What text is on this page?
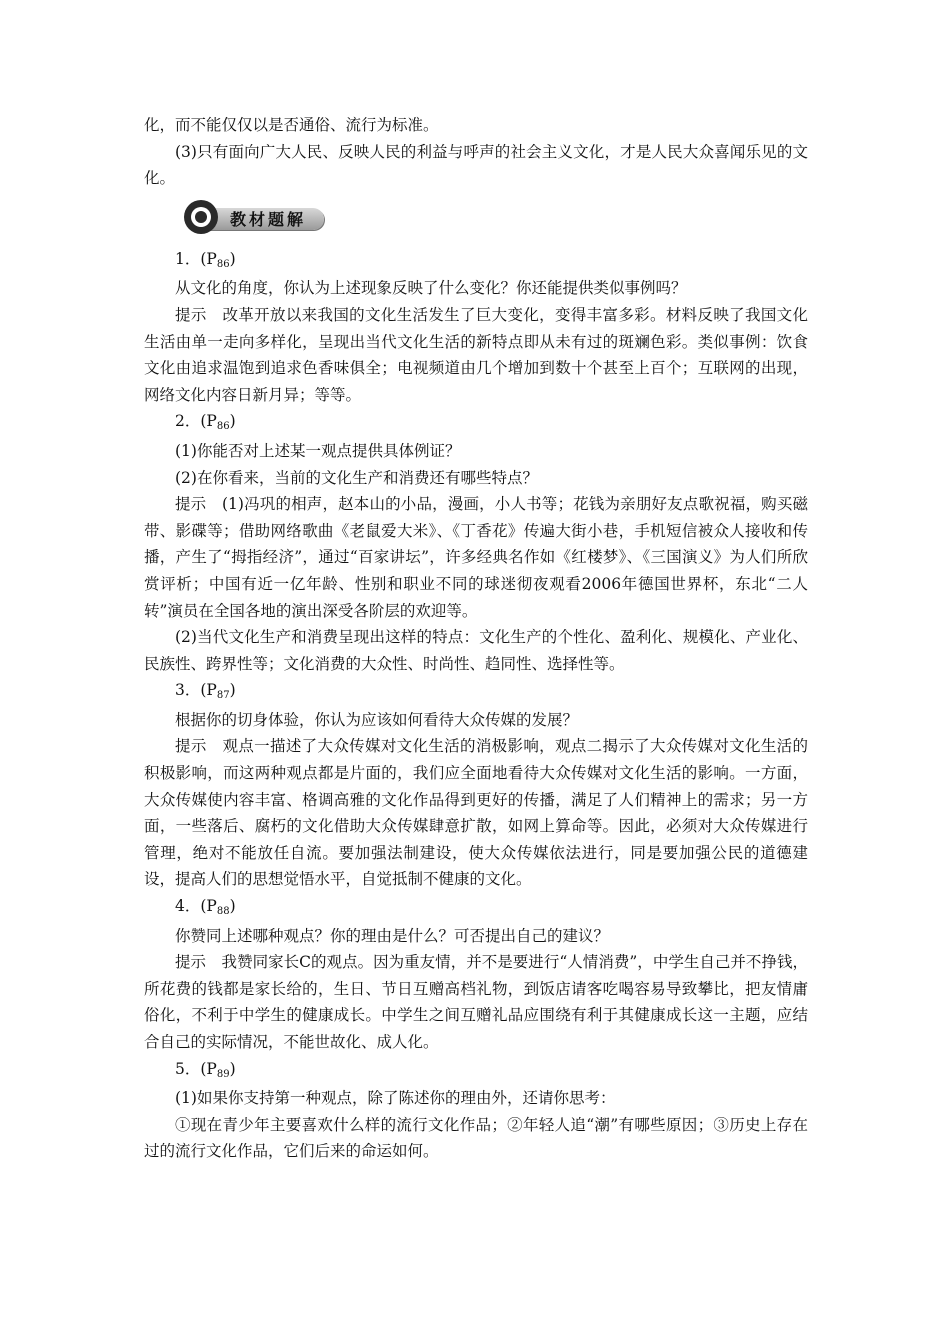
化，而不能仅仅以是否通俗、流行为标准。

(3)只有面向广大人民、反映人民的利益与呼声的社会主义文化，才是人民大众喜闻乐见的文化。

教材题解

1．(P86)

从文化的角度，你认为上述现象反映了什么变化？你还能提供类似事例吗？

提示　改革开放以来我国的文化生活发生了巨大变化，变得丰富多彩。材料反映了我国文化生活由单一走向多样化，呈现出当代文化生活的新特点即从未有过的斑斓色彩。类似事例：饮食文化由追求温饱到追求色香味俱全；电视频道由几个增加到数十个甚至上百个；互联网的出现，网络文化内容日新月异；等等。

2．(P86)

(1)你能否对上述某一观点提供具体例证？

(2)在你看来，当前的文化生产和消费还有哪些特点？

提示　(1)冯巩的相声，赵本山的小品，漫画，小人书等；花钱为亲朋好友点歌祝福，购买磁带、影碟等；借助网络歌曲《老鼠爱大米》、《丁香花》传遍大街小巷，手机短信被众人接收和传播，产生了“拇指经济”，通过“百家讲坛”，许多经典名作如《红楼梦》、《三国演义》为人们所欣赏评析；中国有近一亿年龄、性别和职业不同的球迷彻夜观看2006年德国世界杯，东北“二人转”演员在全国各地的演出深受各阶层的欢迎等。

(2)当代文化生产和消费呈现出这样的特点：文化生产的个性化、盈利化、规模化、产业化、民族性、跨界性等；文化消费的大众性、时尚性、趋同性、选择性等。

3．(P87)

根据你的切身体验，你认为应该如何看待大众传媒的发展？

提示　观点一描述了大众传媒对文化生活的消极影响，观点二揭示了大众传媒对文化生活的积极影响，而这两种观点都是片面的，我们应全面地看待大众传媒对文化生活的影响。一方面，大众传媒使内容丰富、格调高雅的文化作品得到更好的传播，满足了人们精神上的需求；另一方面，一些落后、腐朽的文化借助大众传媒肆意扩散，如网上算命等。因此，必须对大众传媒进行管理，绝对不能放任自流。要加强法制建设，使大众传媒依法进行，同是要加强公民的道德建设，提高人们的思想觉悟水平，自觉抵制不健康的文化。

4．(P88)

你赞同上述哪种观点？你的理由是什么？可否提出自己的建议？

提示　我赞同家长C的观点。因为重友情，并不是要进行“人情消费”，中学生自己并不挣钱，所花费的钱都是家长给的，生日、节日互赠高档礼物，到饭店请客吃喝容易导致攀比，把友情庸俗化，不利于中学生的健康成长。中学生之间互赠礼品应围绕有利于其健康成长这一主题，应结合自己的实际情况，不能世故化、成人化。

5．(P89)

(1)如果你支持第一种观点，除了陈述你的理由外，还请你思考：

①现在青少年主要喜欢什么样的流行文化作品；②年轻人追“潮”有哪些原因；③历史上存在过的流行文化作品，它们后来的命运如何。
